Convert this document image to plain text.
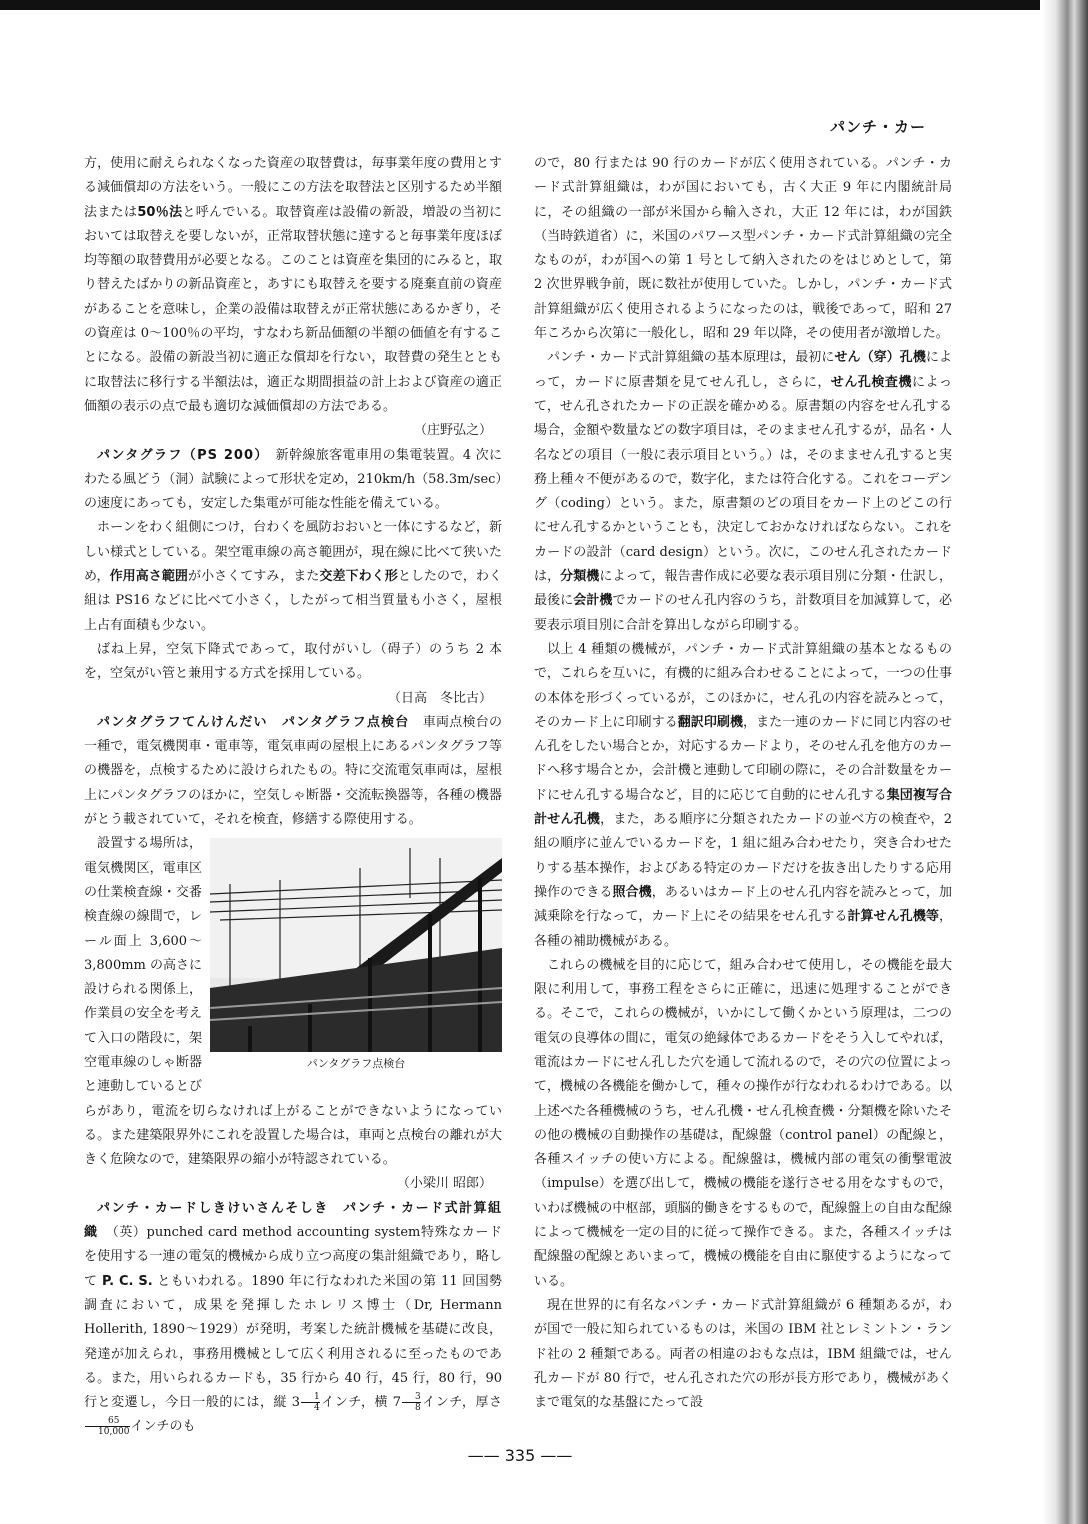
パンチ・カー

方，使用に耐えられなくなった資産の取替費は，毎事業年度の費用とする減価償却の方法をいう。一般にこの方法を取替法と区別するため半額法または50％法と呼んでいる。取替資産は設備の新設，増設の当初においては取替えを要しないが，正常取替状態に達すると毎事業年度ほぼ均等額の取替費用が必要となる。このことは資産を集団的にみると，取り替えたばかりの新品資産と，あすにも取替えを要する廃棄直前の資産があることを意味し，企業の設備は取替えが正常状態にあるかぎり，その資産は 0～100％の平均，すなわち新品価額の半額の価値を有することになる。設備の新設当初に適正な償却を行ない，取替費の発生とともに取替法に移行する半額法は，適正な期間損益の計上および資産の適正価額の表示の点で最も適切な減価償却の方法である。

（庄野弘之）

パンタグラフ（PS 200）　 新幹線旅客電車用の集電装置。4 次にわたる風どう（洞）試験によって形状を定め，210km/h（58.3m/sec）の速度にあっても，安定した集電が可能な性能を備えている。

ホーンをわく組側につけ，台わくを風防おおいと一体にするなど，新しい様式としている。架空電車線の高さ範囲が，現在線に比べて狭いため，作用高さ範囲が小さくてすみ，また交差下わく形としたので，わく組は PS16 などに比べて小さく，したがって相当質量も小さく，屋根上占有面積も少ない。

ばね上昇，空気下降式であって，取付がいし（碍子）のうち 2 本を，空気がい管と兼用する方式を採用している。

（日高　冬比古）

パンタグラフてんけんだい　パンタグラフ点検台　 車両点検台の一種で，電気機関車・電車等，電気車両の屋根上にあるパンタグラフ等の機器を，点検するために設けられたもの。特に交流電気車両は，屋根上にパンタグラフのほかに，空気しゃ断器・交流転換器等，各種の機器がとう載されていて，それを検査，修繕する際使用する。

パンタグラフ点検台

設置する場所は，電気機関区，電車区の仕業検査線・交番検査線の線間で，レール面上 3,600～3,800mm の高さに設けられる関係上，作業員の安全を考えて入口の階段に，架空電車線のしゃ断器と連動しているとびらがあり，電流を切らなければ上がることができないようになっている。また建築限界外にこれを設置した場合は，車両と点検台の離れが大きく危険なので，建築限界の縮小が特認されている。

（小梁川 昭郎）

パンチ・カードしきけいさんそしき　パンチ・カード式計算組織　 （英）punched card method accounting system特殊なカードを使用する一連の電気的機械から成り立つ高度の集計組織であり，略して P. C. S. ともいわれる。1890 年に行なわれた米国の第 11 回国勢調査において，成果を発揮したホレリス博士（Dr, Hermann Hollerith, 1890～1929）が発明，考案した統計機械を基礎に改良，発達が加えられ，事務用機械として広く利用されるに至ったものである。また，用いられるカードも，35 行から 40 行，45 行，80 行，90 行と変遷し，今日一般的には，縦 $3 \frac{1}{4}$ インチ，横 $7 \frac{3}{8}$ インチ，厚さ
$\frac{65}{10,000}$ インチのも

ので，80 行または 90 行のカードが広く使用されている。パンチ・カード式計算組織は，わが国においても，古く大正 9 年に内閣統計局に，その組織の一部が米国から輸入され，大正 12 年には，わが国鉄（当時鉄道省）に，米国のパワース型パンチ・カード式計算組織の完全なものが，わが国への第 1 号として納入されたのをはじめとして，第 2 次世界戦争前，既に数社が使用していた。しかし，パンチ・カード式計算組織が広く使用されるようになったのは，戦後であって，昭和 27 年ころから次第に一般化し，昭和 29 年以降，その使用者が激増した。

パンチ・カード式計算組織の基本原理は，最初にせん（穿）孔機によって，カードに原書類を見てせん孔し，さらに，せん孔検査機によって，せん孔されたカードの正誤を確かめる。原書類の内容をせん孔する場合，金額や数量などの数字項目は，そのまません孔するが，品名・人名などの項目（一般に表示項目という。）は，そのまません孔すると実務上種々不便があるので，数字化，または符合化する。これをコーデング（coding）という。また，原書類のどの項目をカード上のどこの行にせん孔するかということも，決定しておかなければならない。これをカードの設計（card design）という。次に，このせん孔されたカードは，分類機によって，報告書作成に必要な表示項目別に分類・仕訳し，最後に会計機でカードのせん孔内容のうち，計数項目を加減算して，必要表示項目別に合計を算出しながら印刷する。

以上 4 種類の機械が，パンチ・カード式計算組織の基本となるもので，これらを互いに，有機的に組み合わせることによって，一つの仕事の本体を形づくっているが，このほかに，せん孔の内容を読みとって，そのカード上に印刷する翻訳印刷機，また一連のカードに同じ内容のせん孔をしたい場合とか，対応するカードより，そのせん孔を他方のカードへ移す場合とか，会計機と連動して印刷の際に，その合計数量をカードにせん孔する場合など，目的に応じて自動的にせん孔する集団複写合計せん孔機，また，ある順序に分類されたカードの並べ方の検査や，2 組の順序に並んでいるカードを，1 組に組み合わせたり，突き合わせたりする基本操作，およびある特定のカードだけを抜き出したりする応用操作のできる照合機，あるいはカード上のせん孔内容を読みとって，加減乗除を行なって，カード上にその結果をせん孔する計算せん孔機等，各種の補助機械がある。

これらの機械を目的に応じて，組み合わせて使用し，その機能を最大限に利用して，事務工程をさらに正確に，迅速に処理することができる。そこで，これらの機械が，いかにして働くかという原理は，二つの電気の良導体の間に，電気の絶縁体であるカードをそう入してやれば，電流はカードにせん孔した穴を通して流れるので，その穴の位置によって，機械の各機能を働かして，種々の操作が行なわれるわけである。以上述べた各種機械のうち，せん孔機・せん孔検査機・分類機を除いたその他の機械の自動操作の基礎は，配線盤（control panel）の配線と，各種スイッチの使い方による。配線盤は，機械内部の電気の衝撃電波（impulse）を選び出して，機械の機能を遂行させる用をなすもので，いわば機械の中枢部，頭脳的働きをするもので，配線盤上の自由な配線によって機械を一定の目的に従って操作できる。また，各種スイッチは配線盤の配線とあいまって，機械の機能を自由に駆使するようになっている。

現在世界的に有名なパンチ・カード式計算組織が 6 種類あるが，わが国で一般に知られているものは，米国の IBM 社とレミントン・ランド社の 2 種類である。両者の相違のおもな点は，IBM 組織では，せん孔カードが 80 行で，せん孔された穴の形が長方形であり，機械があくまで電気的な基盤にたって設

—— 335 ——
